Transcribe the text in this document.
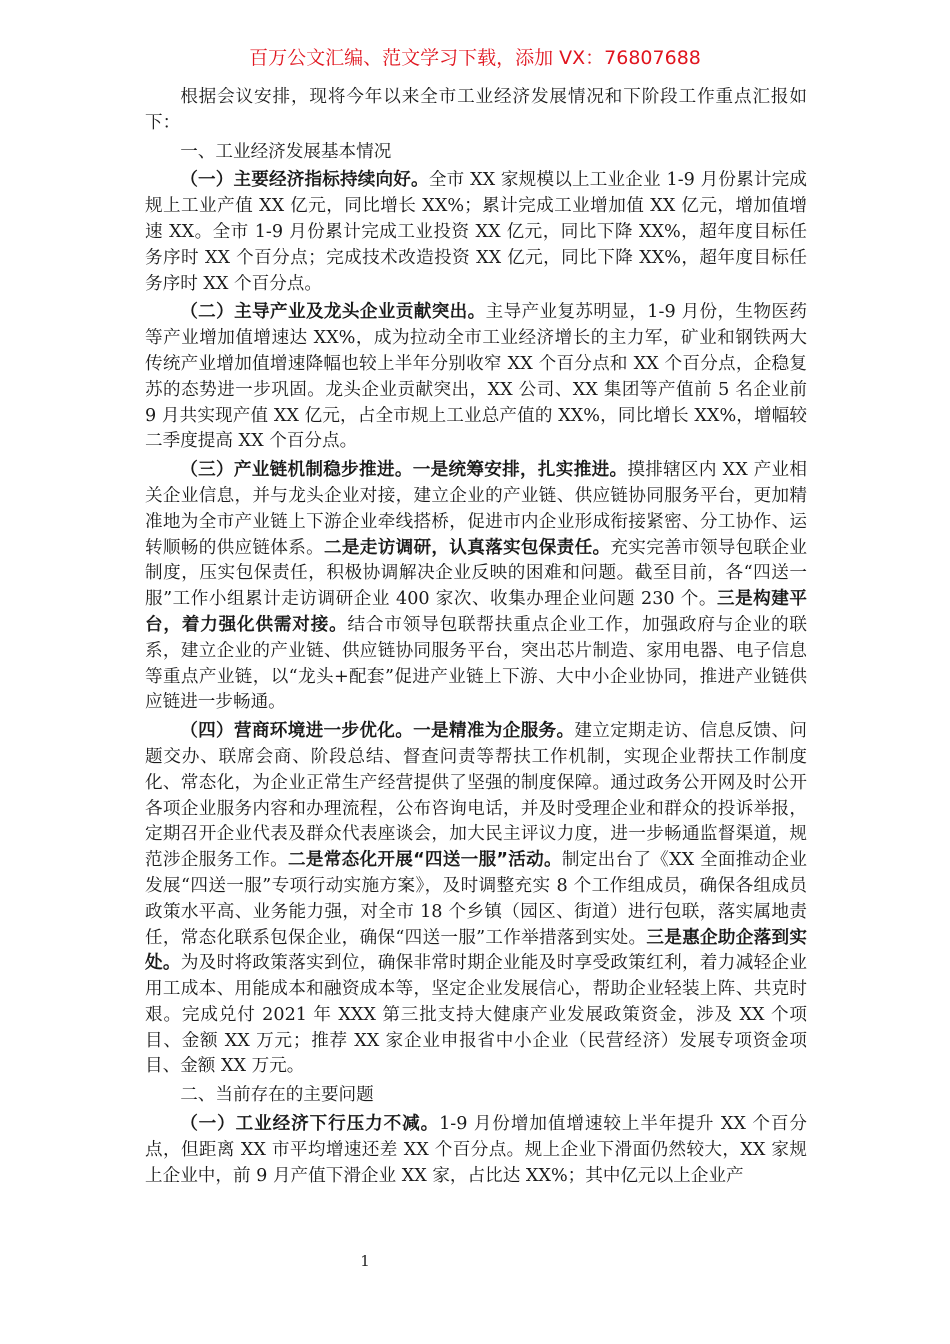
百万公文汇编、范文学习下载，添加 VX：76807688

根据会议安排，现将今年以来全市工业经济发展情况和下阶段工作重点汇报如下：

一、工业经济发展基本情况

（一）主要经济指标持续向好。全市 XX 家规模以上工业企业 1-9 月份累计完成规上工业产值 XX 亿元，同比增长 XX%；累计完成工业增加值 XX 亿元，增加值增速 XX。全市 1-9 月份累计完成工业投资 XX 亿元，同比下降 XX%，超年度目标任务序时 XX 个百分点；完成技术改造投资 XX 亿元，同比下降 XX%，超年度目标任务序时 XX 个百分点。

（二）主导产业及龙头企业贡献突出。主导产业复苏明显，1-9 月份，生物医药等产业增加值增速达 XX%，成为拉动全市工业经济增长的主力军，矿业和钢铁两大传统产业增加值增速降幅也较上半年分别收窄 XX 个百分点和 XX 个百分点，企稳复苏的态势进一步巩固。龙头企业贡献突出，XX 公司、XX 集团等产值前 5 名企业前 9 月共实现产值 XX 亿元，占全市规上工业总产值的 XX%，同比增长 XX%，增幅较二季度提高 XX 个百分点。

（三）产业链机制稳步推进。一是统筹安排，扎实推进。摸排辖区内 XX 产业相关企业信息，并与龙头企业对接，建立企业的产业链、供应链协同服务平台，更加精准地为全市产业链上下游企业牵线搭桥，促进市内企业形成衔接紧密、分工协作、运转顺畅的供应链体系。二是走访调研，认真落实包保责任。充实完善市领导包联企业制度，压实包保责任，积极协调解决企业反映的困难和问题。截至目前，各“四送一服”工作小组累计走访调研企业 400 家次、收集办理企业问题 230 个。三是构建平台，着力强化供需对接。结合市领导包联帮扶重点企业工作，加强政府与企业的联系，建立企业的产业链、供应链协同服务平台，突出芯片制造、家用电器、电子信息等重点产业链，以“龙头+配套”促进产业链上下游、大中小企业协同，推进产业链供应链进一步畅通。

（四）营商环境进一步优化。一是精准为企服务。建立定期走访、信息反馈、问题交办、联席会商、阶段总结、督查问责等帮扶工作机制，实现企业帮扶工作制度化、常态化，为企业正常生产经营提供了坚强的制度保障。通过政务公开网及时公开各项企业服务内容和办理流程，公布咨询电话，并及时受理企业和群众的投诉举报，定期召开企业代表及群众代表座谈会，加大民主评议力度，进一步畅通监督渠道，规范涉企服务工作。二是常态化开展“四送一服”活动。制定出台了《XX 全面推动企业发展“四送一服”专项行动实施方案》，及时调整充实 8 个工作组成员，确保各组成员政策水平高、业务能力强，对全市 18 个乡镇（园区、街道）进行包联，落实属地责任，常态化联系包保企业，确保“四送一服”工作举措落到实处。三是惠企助企落到实处。为及时将政策落实到位，确保非常时期企业能及时享受政策红利，着力减轻企业用工成本、用能成本和融资成本等，坚定企业发展信心，帮助企业轻装上阵、共克时艰。完成兑付 2021 年 XXX 第三批支持大健康产业发展政策资金，涉及 XX 个项目、金额 XX 万元；推荐 XX 家企业申报省中小企业（民营经济）发展专项资金项目、金额 XX 万元。

二、当前存在的主要问题

（一）工业经济下行压力不减。1-9 月份增加值增速较上半年提升 XX 个百分点，但距离 XX 市平均增速还差 XX 个百分点。规上企业下滑面仍然较大，XX 家规上企业中，前 9 月产值下滑企业 XX 家，占比达 XX%；其中亿元以上企业产

1
